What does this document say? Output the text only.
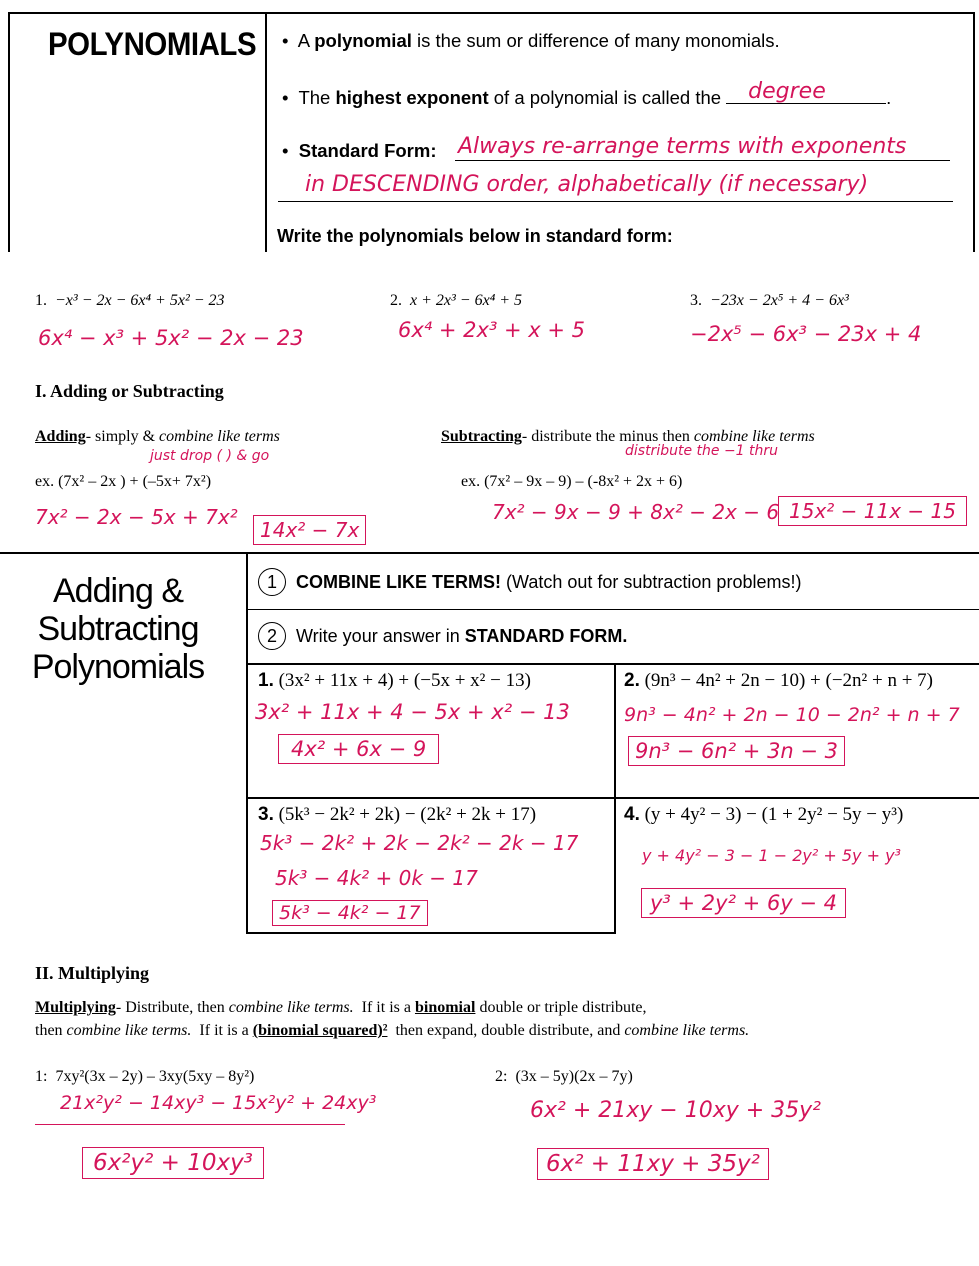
POLYNOMIALS •  A polynomial is the sum or difference of many monomials.
•  The highest exponent of a polynomial is called the degree	.
•  Standard Form: Always re-arrange terms with exponents
in DESCENDING order, alphabetically (if necessary)
Write the polynomials below in standard form:
1. −x³ − 2x − 6x⁴ + 5x² − 23
6x⁴ − x³ + 5x² − 2x − 23
2. x + 2x³ − 6x⁴ + 5
6x⁴ + 2x³ + x + 5
3. −23x − 2x⁵ + 4 − 6x³
−2x⁵ − 6x³ − 23x + 4
I. Adding or Subtracting
Adding- simply & combine like terms
just drop ( ) & go
ex. (7x² – 2x ) + (–5x+ 7x²)
7x² − 2x − 5x + 7x²
14x² − 7x
Subtracting- distribute the minus then combine like terms
distribute the −1 thru
ex. (7x² – 9x – 9) – (-8x² + 2x + 6)
7x² − 9x − 9 + 8x² − 2x − 6 15x² − 11x − 15
Adding &
Subtracting
Polynomials
1 COMBINE LIKE TERMS! (Watch out for subtraction problems!)
2 Write your answer in STANDARD FORM.
1. (3x² + 11x + 4) + (−5x + x² − 13)
3x² + 11x + 4 − 5x + x² − 13
4x² + 6x − 9
2. (9n³ − 4n² + 2n − 10) + (−2n² + n + 7)
9n³ − 4n² + 2n − 10 − 2n² + n + 7
9n³ − 6n² + 3n − 3
3. (5k³ − 2k² + 2k) − (2k² + 2k + 17)
5k³ − 2k² + 2k − 2k² − 2k − 17
5k³ − 4k² + 0k − 17
5k³ − 4k² − 17
4. (y + 4y² − 3) − (1 + 2y² − 5y − y³)
y + 4y² − 3 − 1 − 2y² + 5y + y³
y³ + 2y² + 6y − 4
II. Multiplying
Multiplying- Distribute, then combine like terms.  If it is a binomial double or triple distribute,
then combine like terms.  If it is a (binomial squared)²  then expand, double distribute, and combine like terms.
1: 7xy²(3x – 2y) – 3xy(5xy – 8y²)
21x²y² − 14xy³ − 15x²y² + 24xy³
6x²y² + 10xy³
2: (3x – 5y)(2x – 7y)
6x² + 21xy − 10xy + 35y²
6x² + 11xy + 35y²
